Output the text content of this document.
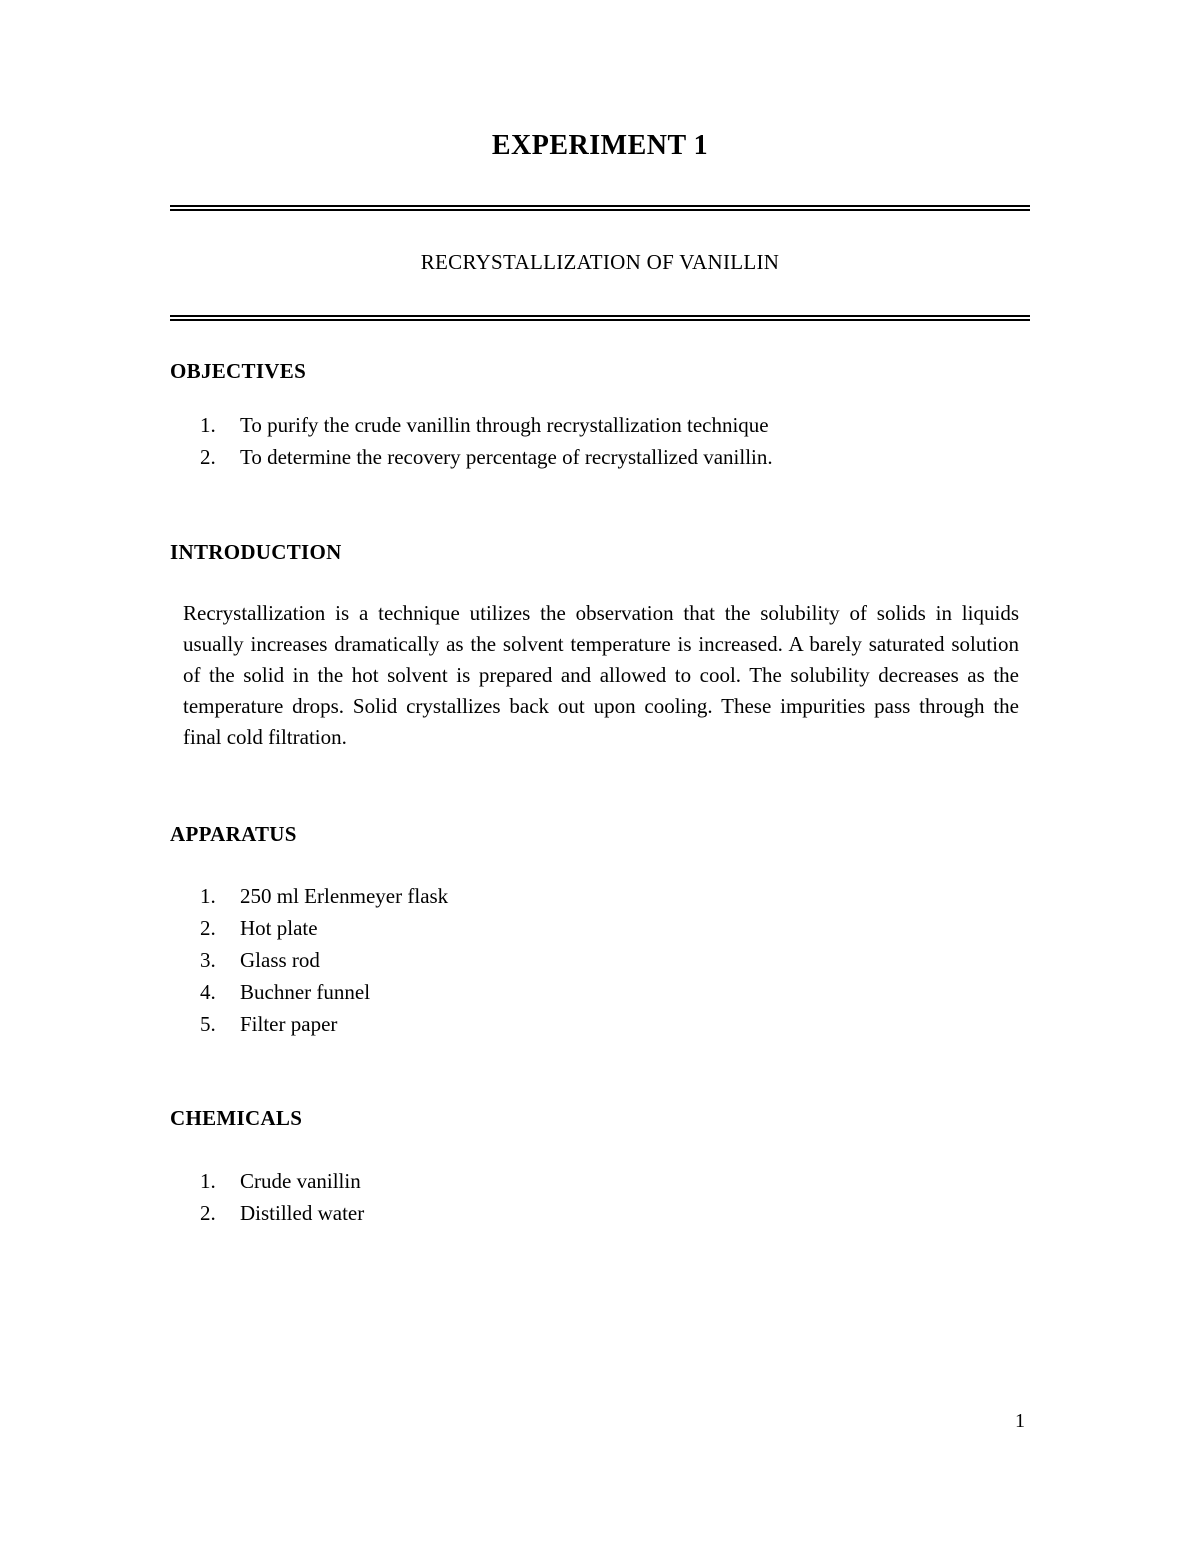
EXPERIMENT 1
RECRYSTALLIZATION OF VANILLIN
OBJECTIVES
1. To purify the crude vanillin through recrystallization technique
2. To determine the recovery percentage of recrystallized vanillin.
INTRODUCTION

Recrystallization is a technique utilizes the observation that the solubility of solids in liquids usually increases dramatically as the solvent temperature is increased. A barely saturated solution of the solid in the hot solvent is prepared and allowed to cool. The solubility decreases as the temperature drops. Solid crystallizes back out upon cooling. These impurities pass through the final cold filtration.

APPARATUS
1. 250 ml Erlenmeyer flask
2. Hot plate
3. Glass rod
4. Buchner funnel
5. Filter paper
CHEMICALS
1. Crude vanillin
2. Distilled water
1
